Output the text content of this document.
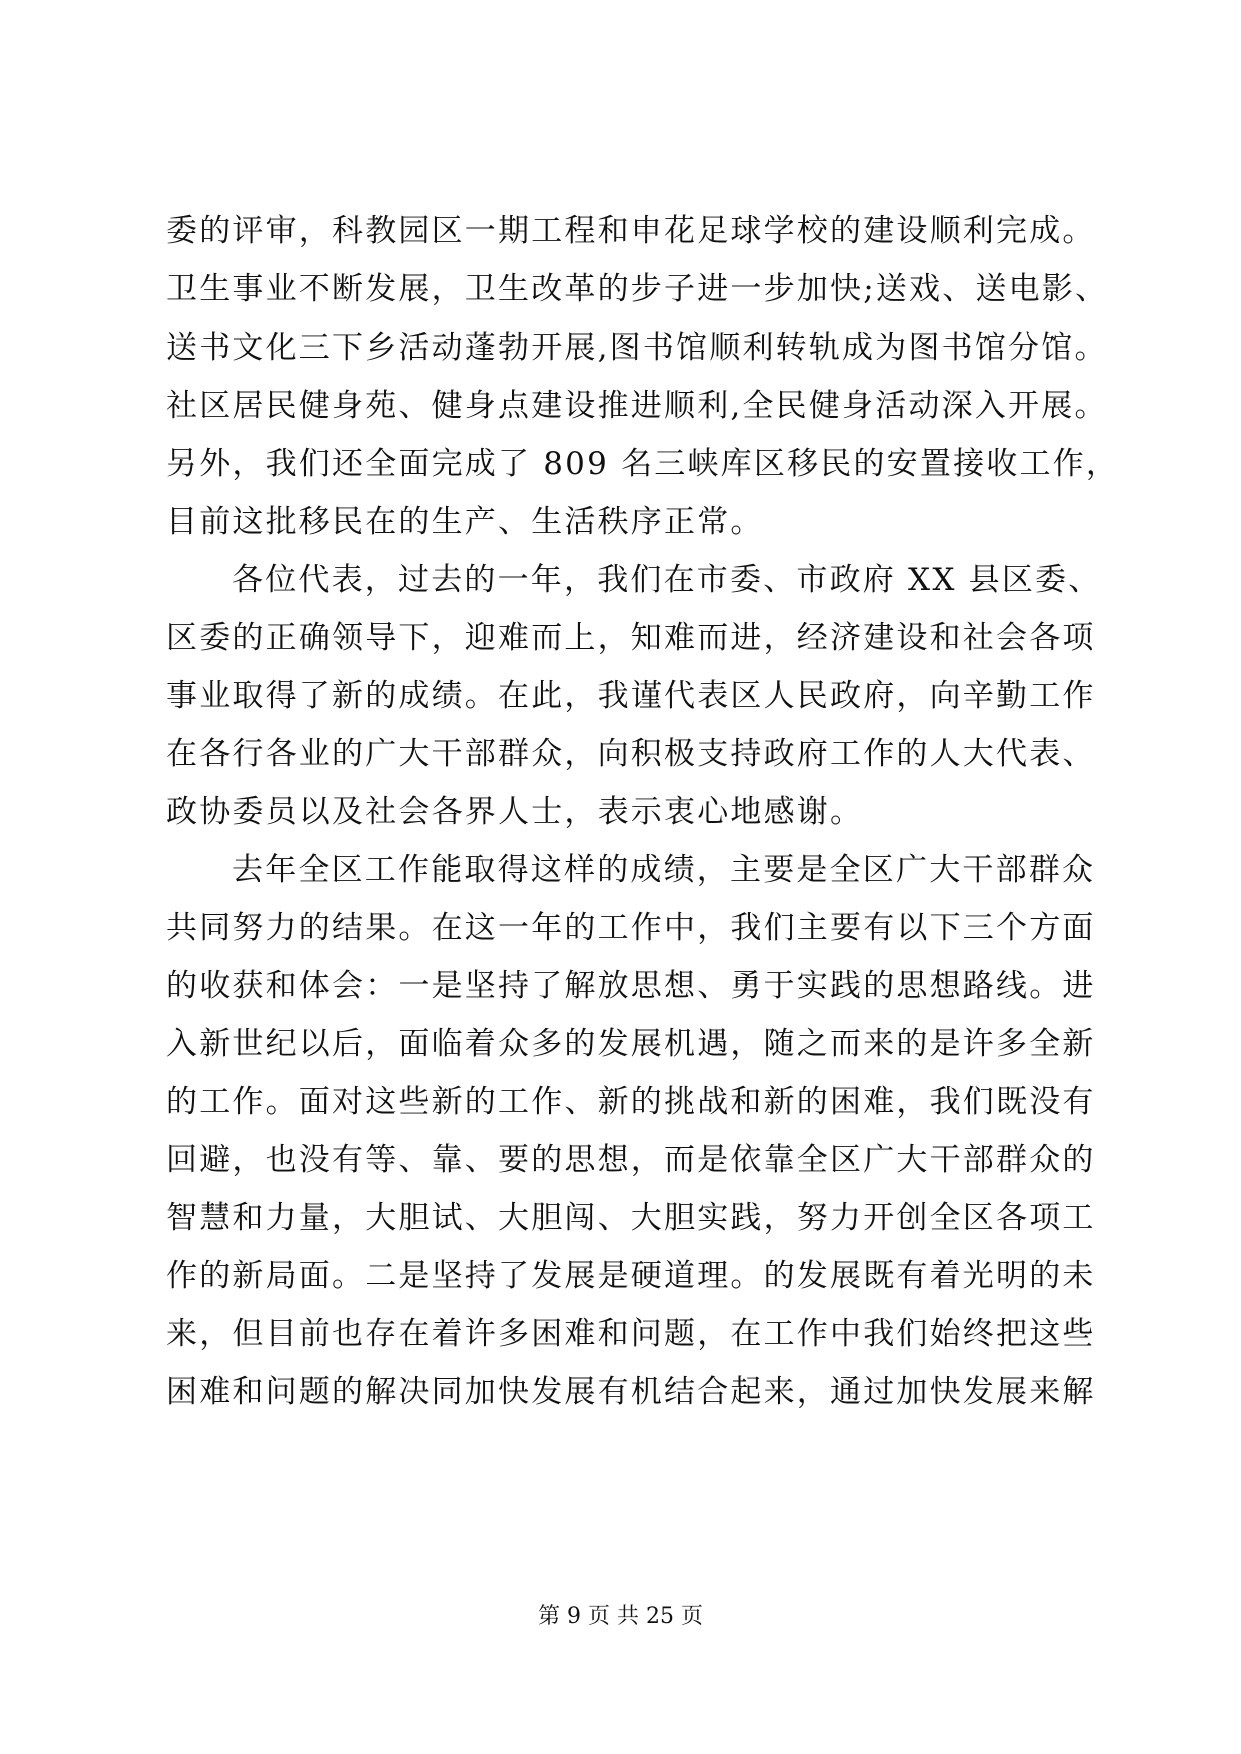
委的评审，科教园区一期工程和申花足球学校的建设顺利完成。
卫生事业不断发展，卫生改革的步子进一步加快;送戏、送电影、
送书文化三下乡活动蓬勃开展,图书馆顺利转轨成为图书馆分馆。
社区居民健身苑、健身点建设推进顺利,全民健身活动深入开展。
另外，我们还全面完成了 809 名三峡库区移民的安置接收工作，
目前这批移民在的生产、生活秩序正常。
各位代表，过去的一年，我们在市委、市政府 XX 县区委、
区委的正确领导下，迎难而上，知难而进，经济建设和社会各项
事业取得了新的成绩。在此，我谨代表区人民政府，向辛勤工作
在各行各业的广大干部群众，向积极支持政府工作的人大代表、
政协委员以及社会各界人士，表示衷心地感谢。
去年全区工作能取得这样的成绩，主要是全区广大干部群众
共同努力的结果。在这一年的工作中，我们主要有以下三个方面
的收获和体会：一是坚持了解放思想、勇于实践的思想路线。进
入新世纪以后，面临着众多的发展机遇，随之而来的是许多全新
的工作。面对这些新的工作、新的挑战和新的困难，我们既没有
回避，也没有等、靠、要的思想，而是依靠全区广大干部群众的
智慧和力量，大胆试、大胆闯、大胆实践，努力开创全区各项工
作的新局面。二是坚持了发展是硬道理。的发展既有着光明的未
来，但目前也存在着许多困难和问题，在工作中我们始终把这些
困难和问题的解决同加快发展有机结合起来，通过加快发展来解
第 9 页 共 25 页
